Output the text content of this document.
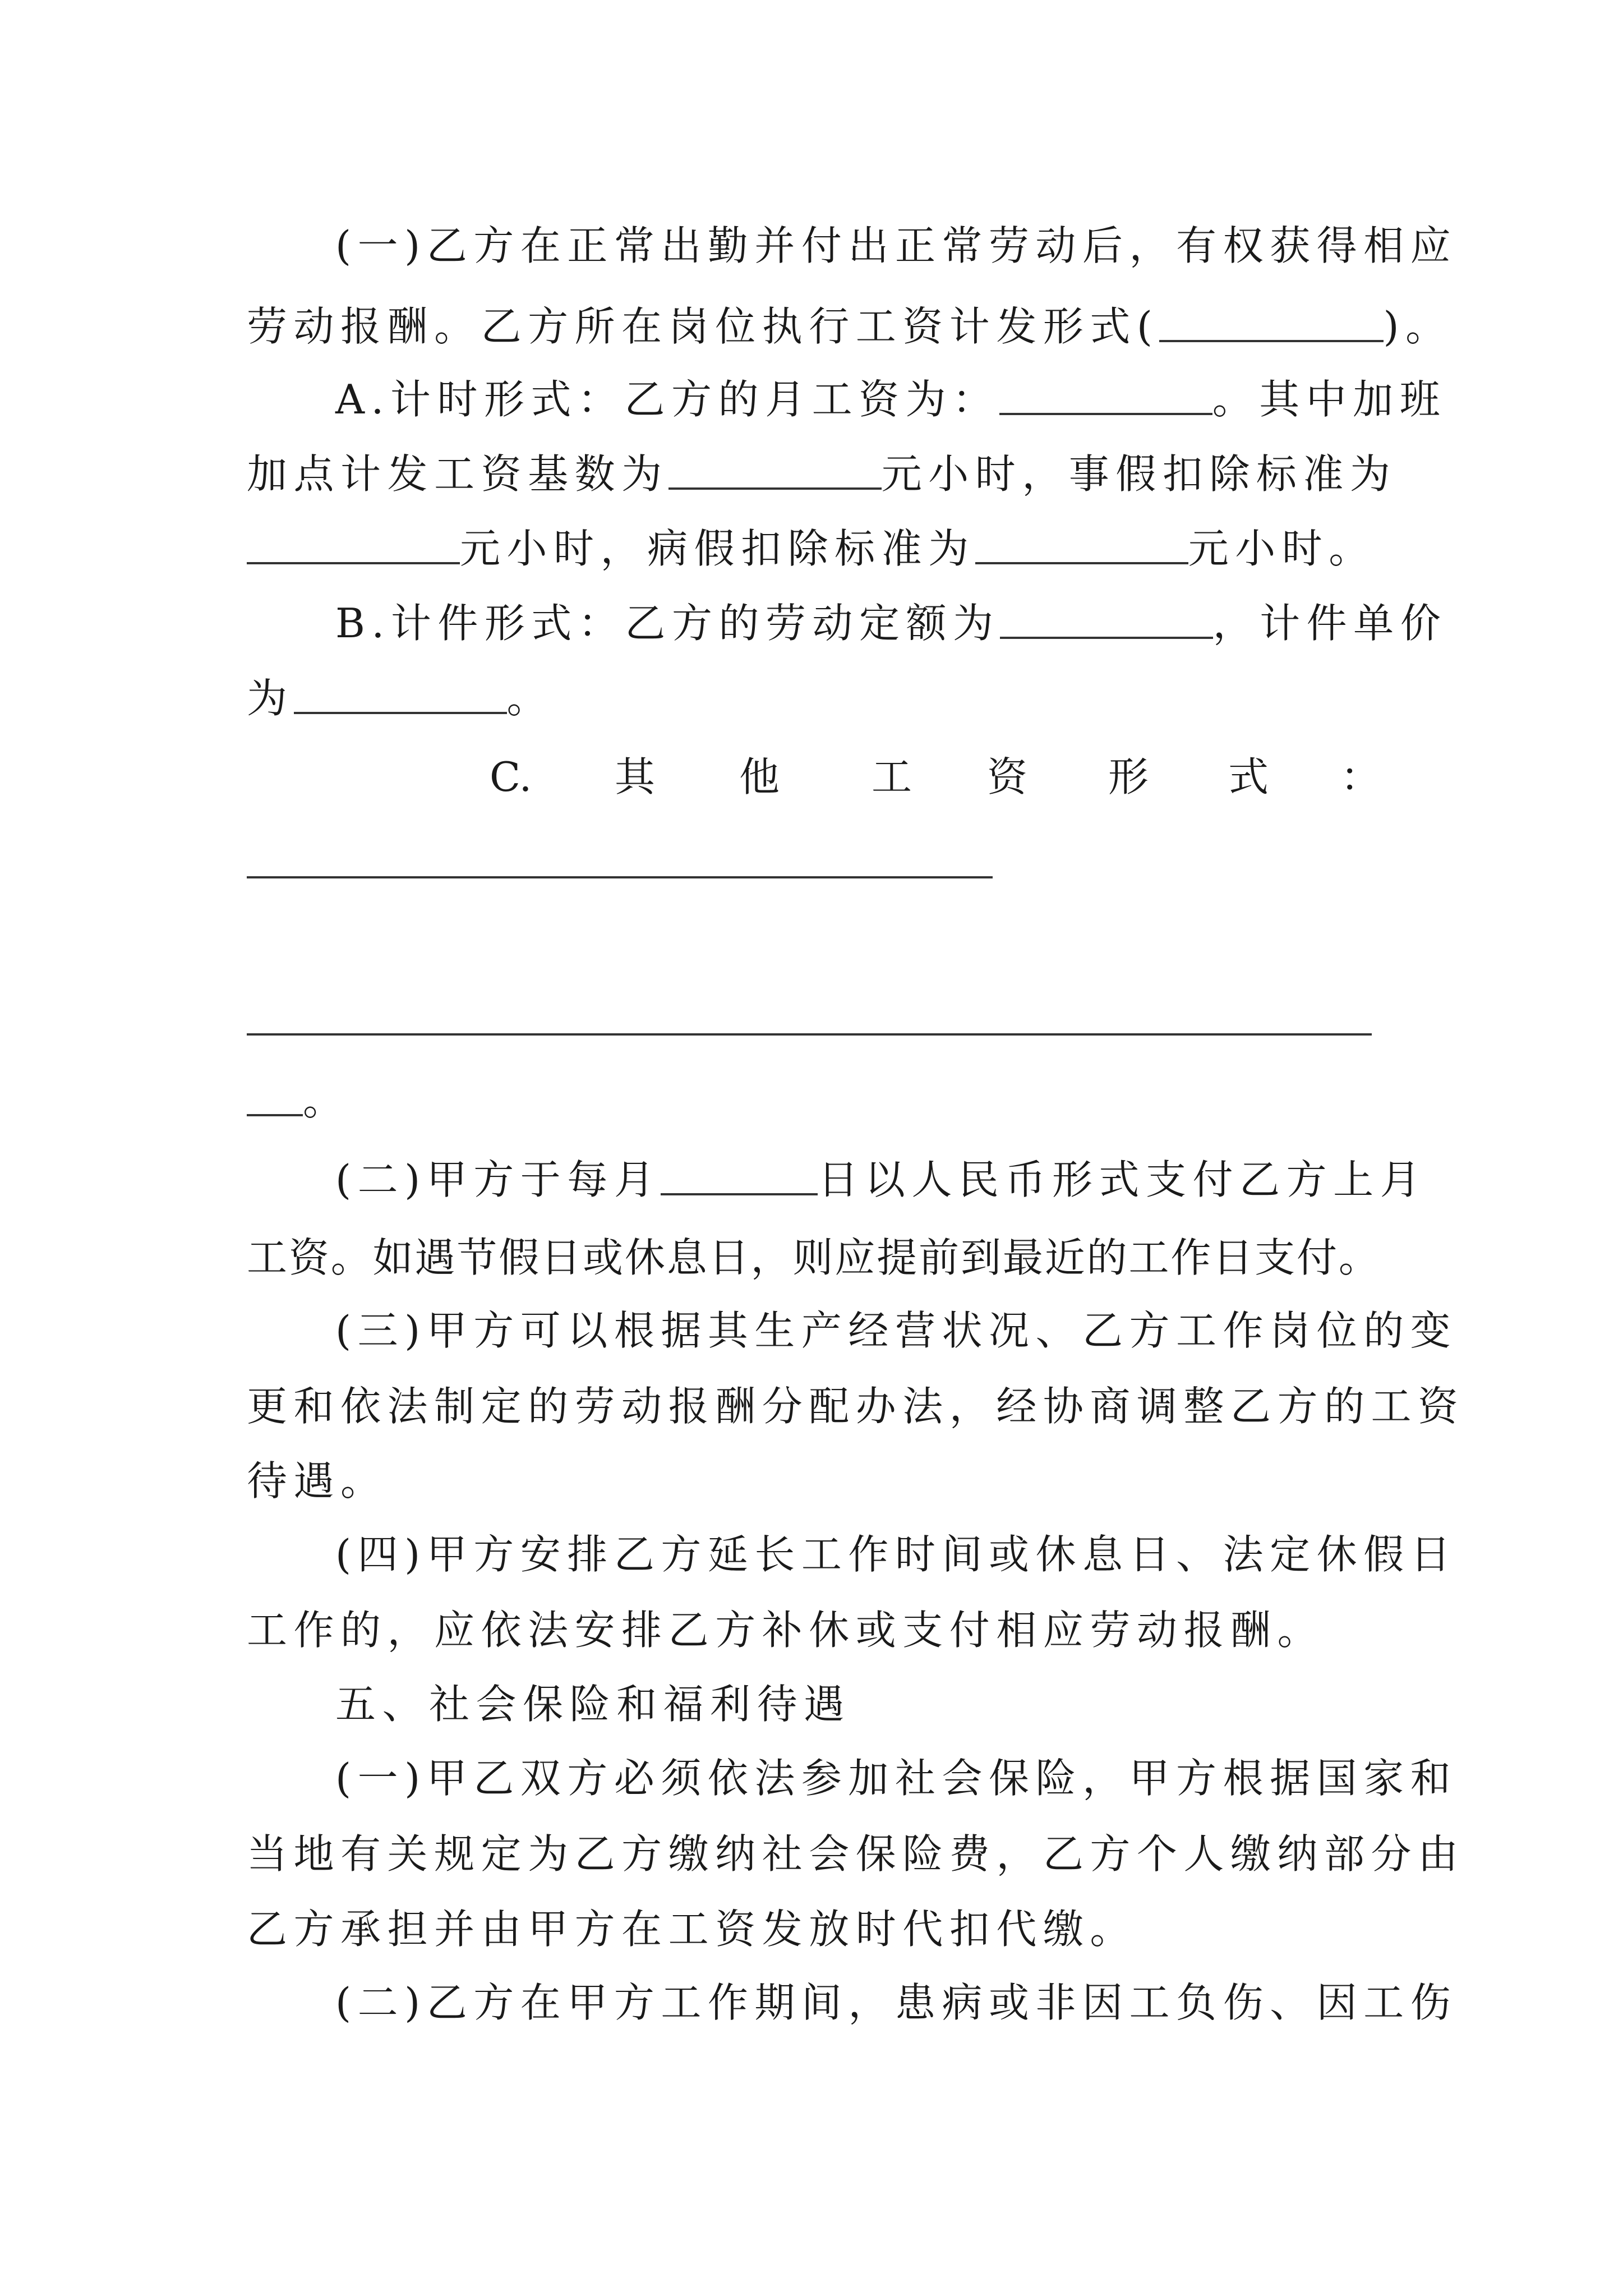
(一)乙方在正常出勤并付出正常劳动后，有权获得相应
劳动报酬。乙方所在岗位执行工资计发形式(	)。
A.计时形式：乙方的月工资为：	。其中加班
加点计发工资基数为	元小时，事假扣除标准为
元小时，病假扣除标准为	元小时。
B.计件形式：乙方的劳动定额为	，计件单价
为	。
C. 其 他 工 资 形 式 ：
。
(二)甲方于每月	日以人民币形式支付乙方上月
工资。如遇节假日或休息日，则应提前到最近的工作日支付。
(三)甲方可以根据其生产经营状况、乙方工作岗位的变
更和依法制定的劳动报酬分配办法，经协商调整乙方的工资
待遇。
(四)甲方安排乙方延长工作时间或休息日、法定休假日
工作的，应依法安排乙方补休或支付相应劳动报酬。
五、社会保险和福利待遇
(一)甲乙双方必须依法参加社会保险，甲方根据国家和
当地有关规定为乙方缴纳社会保险费，乙方个人缴纳部分由
乙方承担并由甲方在工资发放时代扣代缴。
(二)乙方在甲方工作期间，患病或非因工负伤、因工伤
